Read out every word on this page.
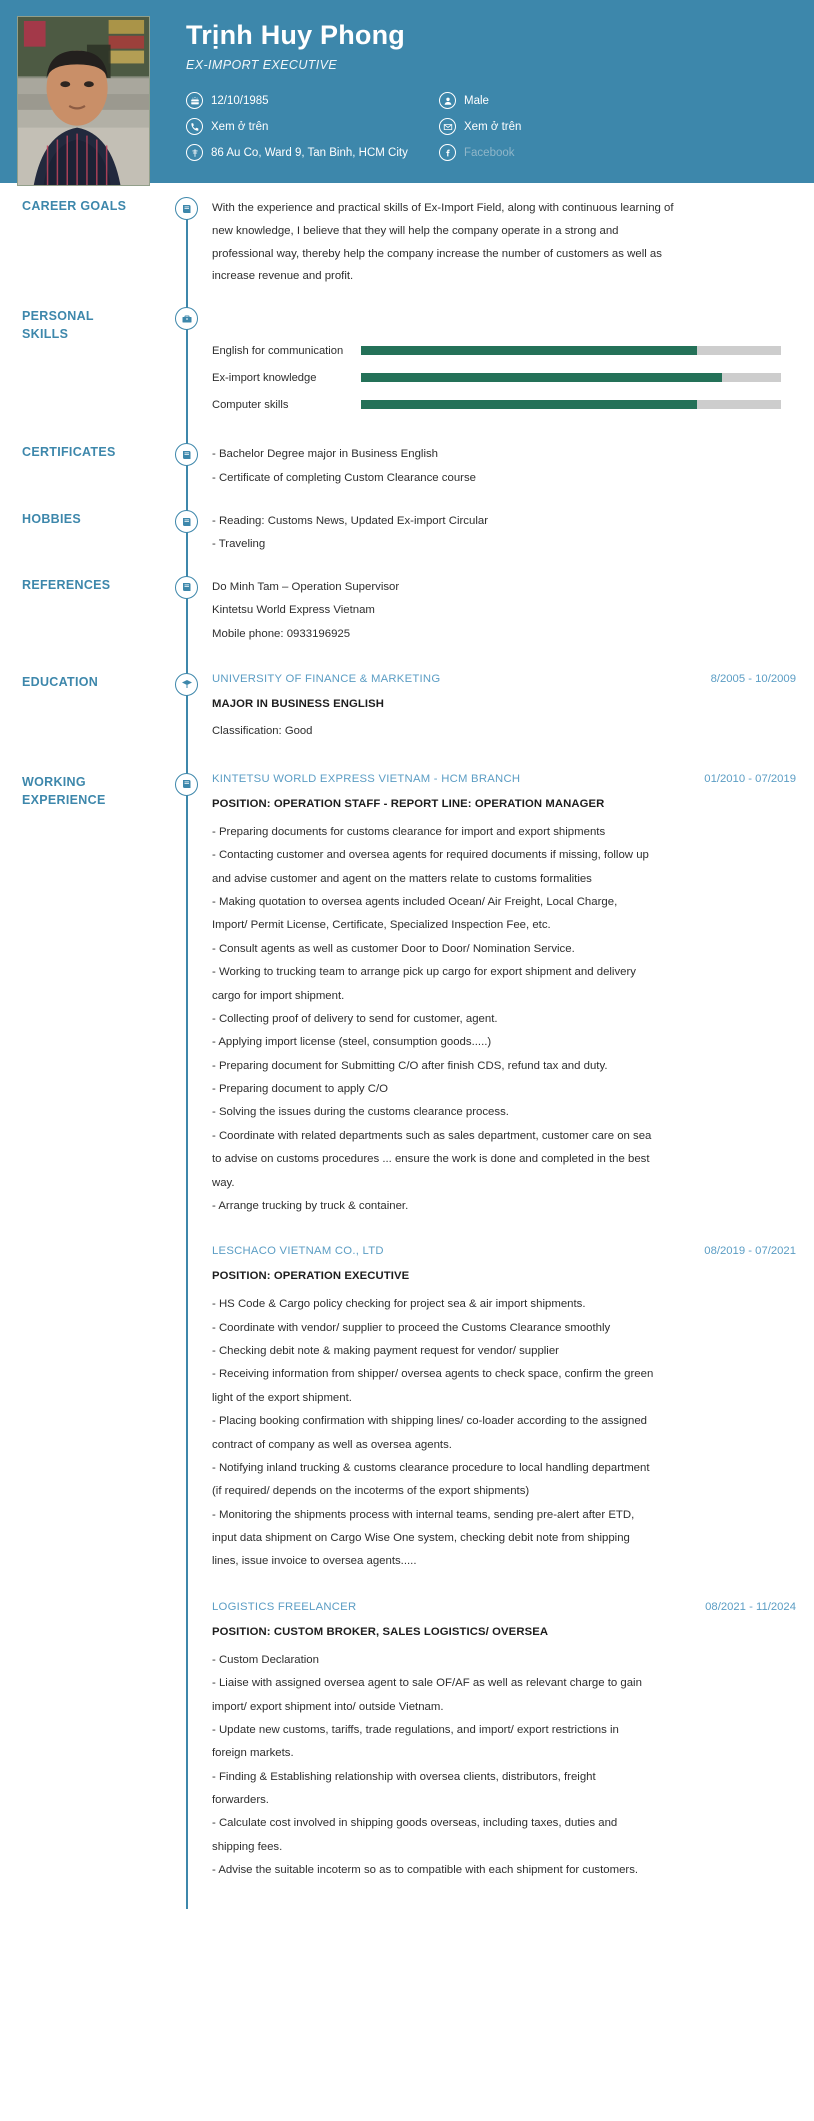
Trịnh Huy Phong
EX-IMPORT EXECUTIVE
12/10/1985	Male
Xem ở trên	Xem ở trên
86 Au Co, Ward 9, Tan Binh, HCM City	Facebook
CAREER GOALS	With the experience and practical skills of Ex-Import Field, along with continuous learning of
new knowledge, I believe that they will help the company operate in a strong and
professional way, thereby help the company increase the number of customers as well as
increase revenue and profit.
PERSONAL
SKILLS
English for communication
Ex-import knowledge
Computer skills
CERTIFICATES	- Bachelor Degree major in Business English
- Certificate of completing Custom Clearance course
HOBBIES	- Reading: Customs News, Updated Ex-import Circular
- Traveling
REFERENCES	Do Minh Tam – Operation Supervisor
Kintetsu World Express Vietnam
Mobile phone: 0933196925
EDUCATION	UNIVERSITY OF FINANCE & MARKETING	8/2005 - 10/2009
MAJOR IN BUSINESS ENGLISH
Classification: Good
WORKING
EXPERIENCE
KINTETSU WORLD EXPRESS VIETNAM - HCM BRANCH	01/2010 - 07/2019
POSITION: OPERATION STAFF - REPORT LINE: OPERATION MANAGER
- Preparing documents for customs clearance for import and export shipments
- Contacting customer and oversea agents for required documents if missing, follow up
and advise customer and agent on the matters relate to customs formalities
- Making quotation to oversea agents included Ocean/ Air Freight, Local Charge,
Import/ Permit License, Certificate, Specialized Inspection Fee, etc.
- Consult agents as well as customer Door to Door/ Nomination Service.
- Working to trucking team to arrange pick up cargo for export shipment and delivery
cargo for import shipment.
- Collecting proof of delivery to send for customer, agent.
- Applying import license (steel, consumption goods.....)
- Preparing document for Submitting C/O after finish CDS, refund tax and duty.
- Preparing document to apply C/O
- Solving the issues during the customs clearance process.
- Coordinate with related departments such as sales department, customer care on sea
to advise on customs procedures ... ensure the work is done and completed in the best
way.
- Arrange trucking by truck & container.
LESCHACO VIETNAM CO., LTD	08/2019 - 07/2021
POSITION: OPERATION EXECUTIVE
- HS Code & Cargo policy checking for project sea & air import shipments.
- Coordinate with vendor/ supplier to proceed the Customs Clearance smoothly
- Checking debit note & making payment request for vendor/ supplier
- Receiving information from shipper/ oversea agents to check space, confirm the green
light of the export shipment.
- Placing booking confirmation with shipping lines/ co-loader according to the assigned
contract of company as well as oversea agents.
- Notifying inland trucking & customs clearance procedure to local handling department
(if required/ depends on the incoterms of the export shipments)
- Monitoring the shipments process with internal teams, sending pre-alert after ETD,
input data shipment on Cargo Wise One system, checking debit note from shipping
lines, issue invoice to oversea agents.....
LOGISTICS FREELANCER	08/2021 - 11/2024
POSITION: CUSTOM BROKER, SALES LOGISTICS/ OVERSEA
- Custom Declaration
- Liaise with assigned oversea agent to sale OF/AF as well as relevant charge to gain
import/ export shipment into/ outside Vietnam.
- Update new customs, tariffs, trade regulations, and import/ export restrictions in
foreign markets.
- Finding & Establishing relationship with oversea clients, distributors, freight
forwarders.
- Calculate cost involved in shipping goods overseas, including taxes, duties and
shipping fees.
- Advise the suitable incoterm so as to compatible with each shipment for customers.
